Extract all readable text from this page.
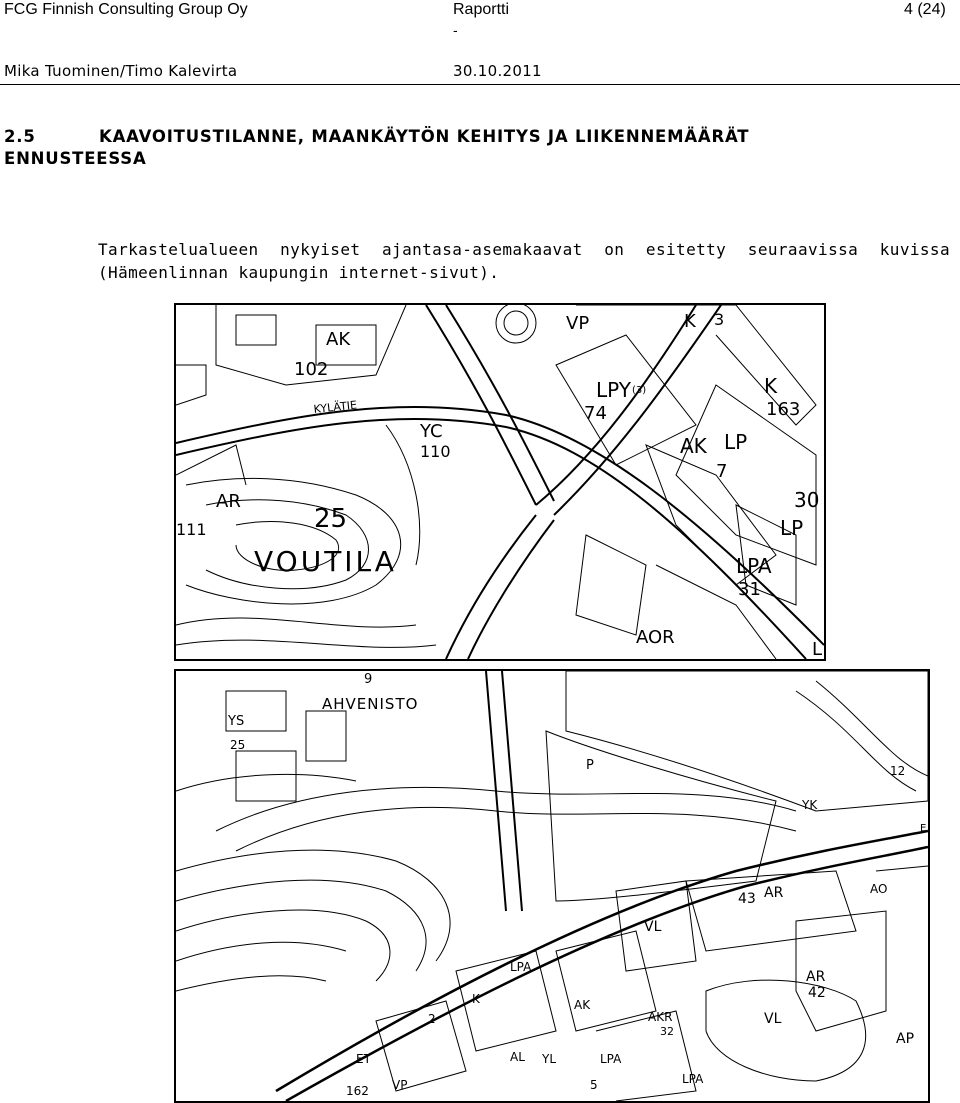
FCG Finnish Consulting Group Oy	Raportti
-
4 (24)
Mika Tuominen/Timo Kalevirta	30.10.2011
2.5	KAAVOITUSTILANNE, MAANKÄYTÖN KEHITYS JA LIIKENNEMÄÄRÄT
ENNUSTEESSA
Tarkastelualueen nykyiset ajantasa-asemakaavat on esitetty seuraavissa kuvissa (Hämeenlinnan kaupungin internet-sivut).
AK
102
KYLÄTIE
YC
110
AR
111	25
VOUTILA
VP
LPY (3)
74
K 3
K
163
AK LP
7
30
LP
LPA
31
AOR
L
AHVENISTO
9
YS
25
P
YK
12
E
AR
43
VL
AO
AR
42
VL
AP
LPA
K	AK
AKR
32
AL YL
ET
VP
162
LPA
LPA
2
5
